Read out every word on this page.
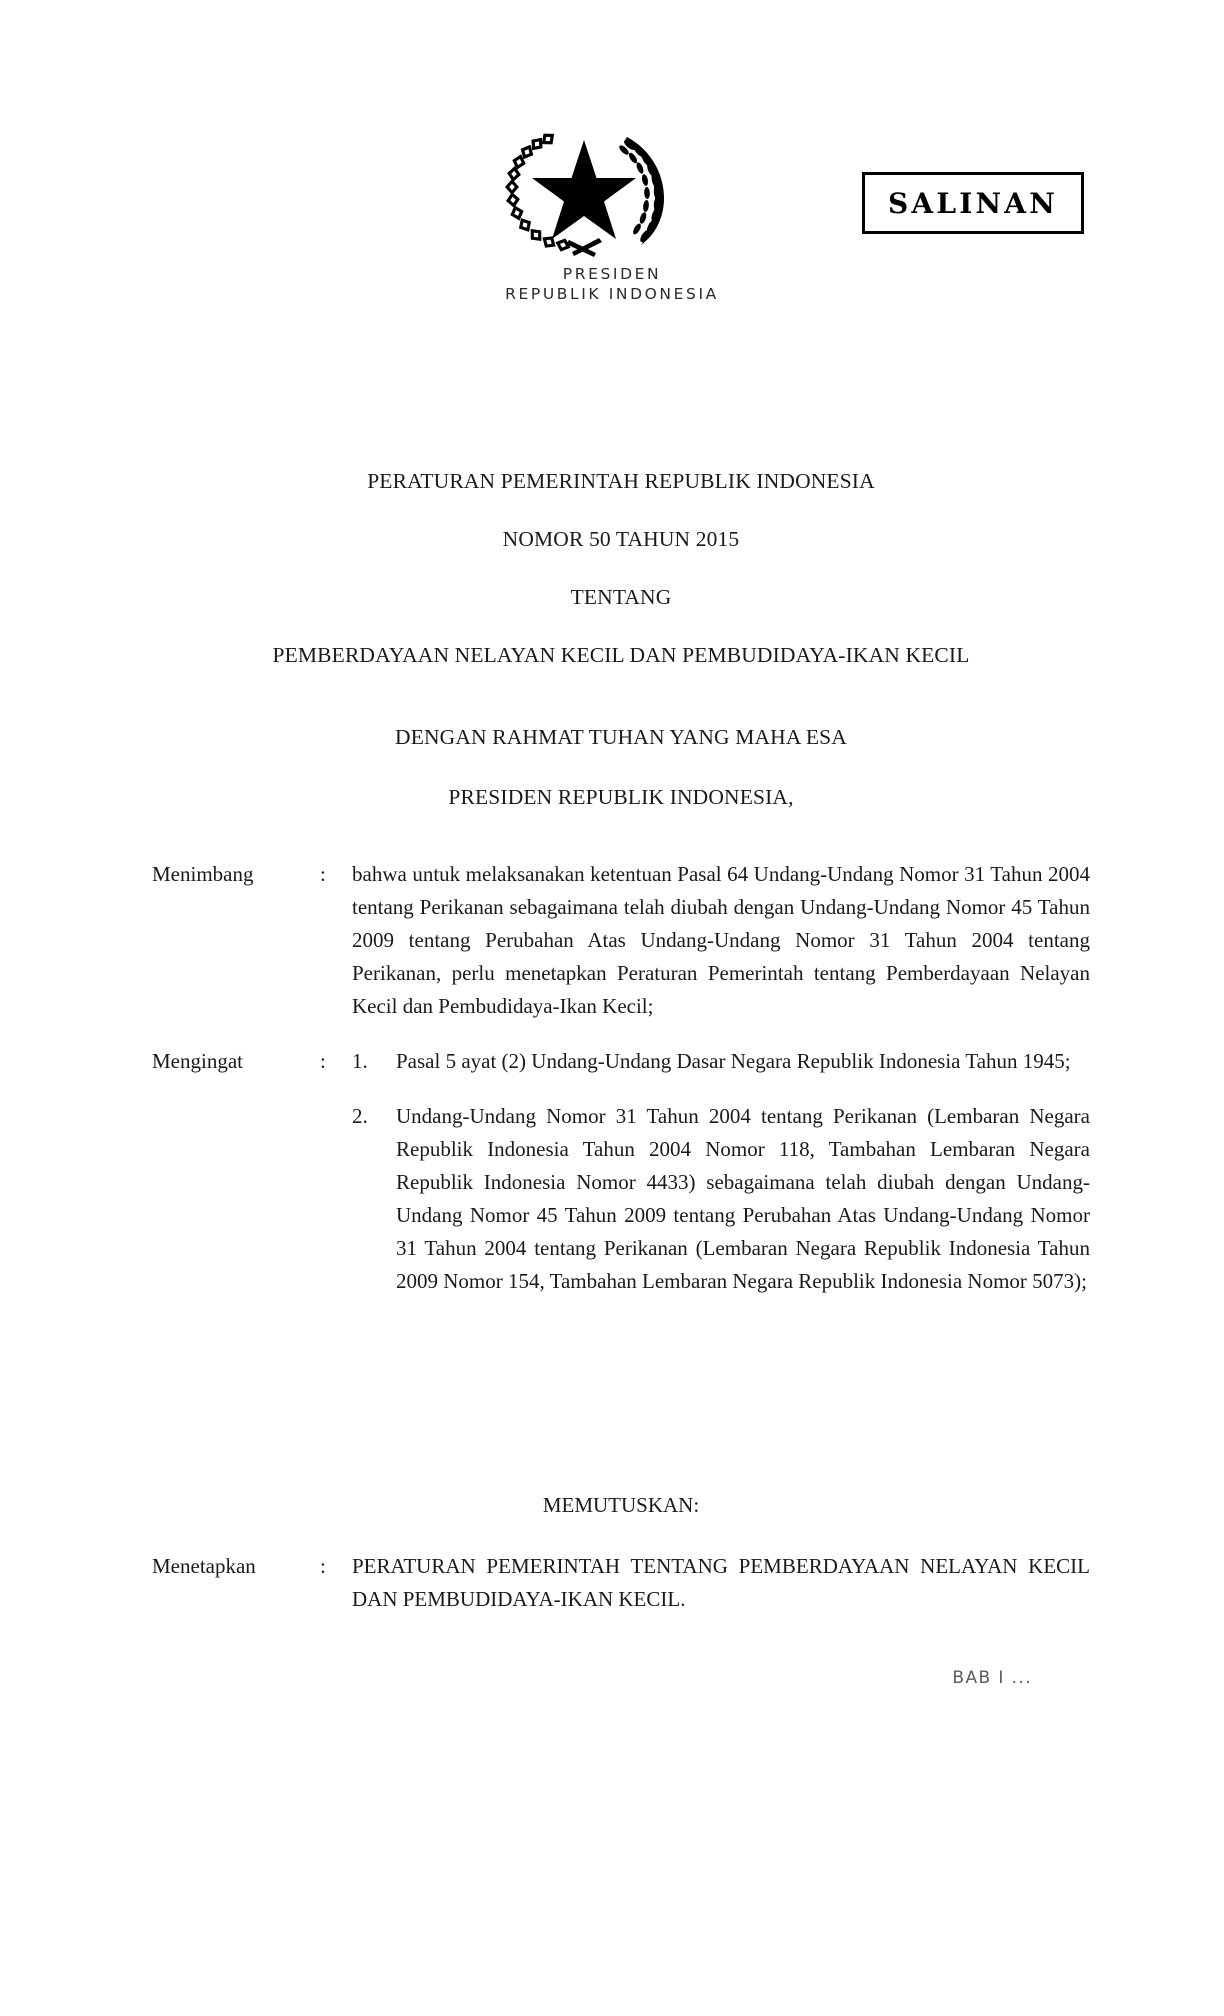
PRESIDEN
REPUBLIK INDONESIA
SALINAN
PERATURAN PEMERINTAH REPUBLIK INDONESIA
NOMOR 50 TAHUN 2015
TENTANG
PEMBERDAYAAN NELAYAN KECIL DAN PEMBUDIDAYA-IKAN KECIL
DENGAN RAHMAT TUHAN YANG MAHA ESA
PRESIDEN REPUBLIK INDONESIA,
Menimbang	:	bahwa untuk melaksanakan ketentuan Pasal 64 Undang-Undang Nomor 31 Tahun 2004 tentang Perikanan sebagaimana telah diubah dengan Undang-Undang Nomor 45 Tahun 2009 tentang Perubahan Atas Undang-Undang Nomor 31 Tahun 2004 tentang Perikanan, perlu menetapkan Peraturan Pemerintah tentang Pemberdayaan Nelayan Kecil dan Pembudidaya-Ikan Kecil;
Mengingat	:	1.	Pasal 5 ayat (2) Undang-Undang Dasar Negara Republik Indonesia Tahun 1945;
2.	Undang-Undang Nomor 31 Tahun 2004 tentang Perikanan (Lembaran Negara Republik Indonesia Tahun 2004 Nomor 118, Tambahan Lembaran Negara Republik Indonesia Nomor 4433) sebagaimana telah diubah dengan Undang-Undang Nomor 45 Tahun 2009 tentang Perubahan Atas Undang-Undang Nomor 31 Tahun 2004 tentang Perikanan (Lembaran Negara Republik Indonesia Tahun 2009 Nomor 154, Tambahan Lembaran Negara Republik Indonesia Nomor 5073);
MEMUTUSKAN:
Menetapkan	:	PERATURAN PEMERINTAH TENTANG PEMBERDAYAAN NELAYAN KECIL DAN PEMBUDIDAYA-IKAN KECIL.
BAB I ...
